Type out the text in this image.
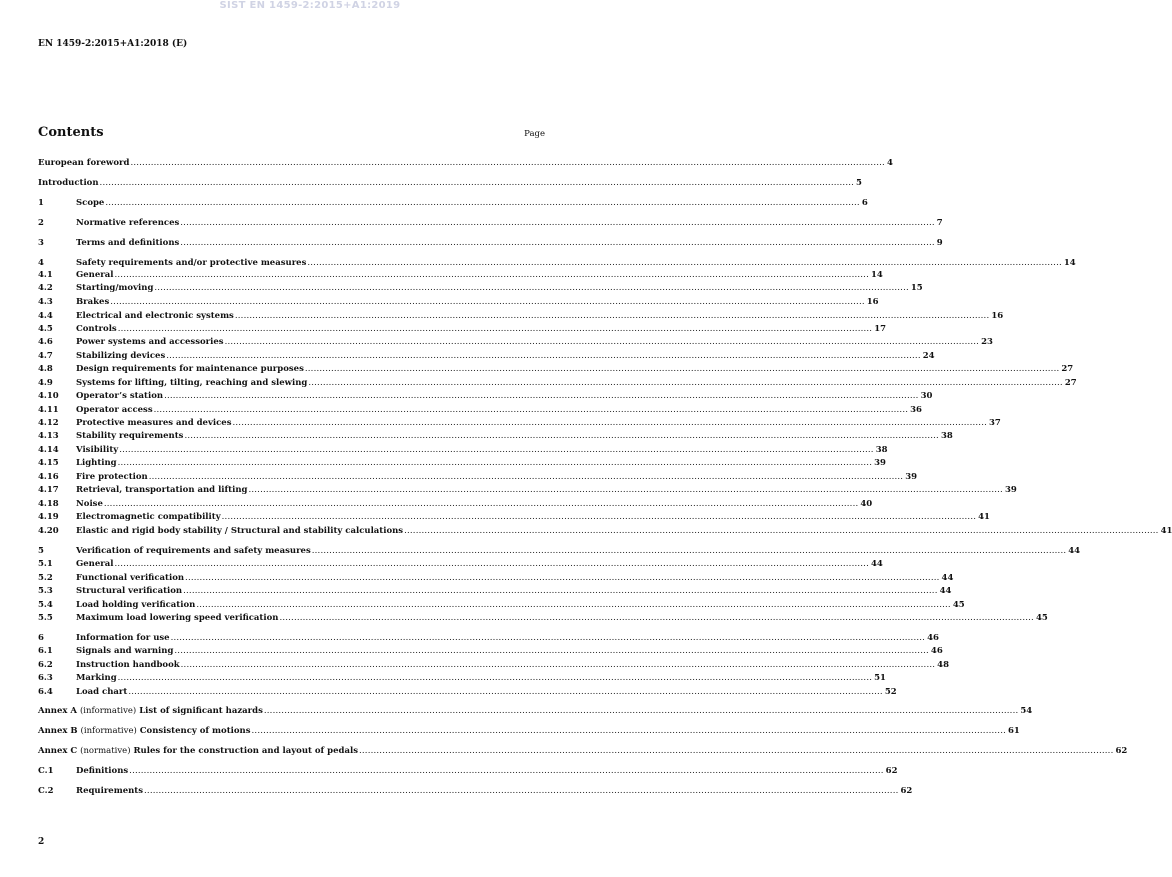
SIST EN 1459-2:2015+A1:2019
EN 1459-2:2015+A1:2018 (E)
Contents	Page
European foreword .................................................................................................................................................................................................................................................................... 4
Introduction .................................................................................................................................................................................................................................................................... 5
1	Scope .................................................................................................................................................................................................................................................................... 6
2	Normative references .................................................................................................................................................................................................................................................................... 7
3	Terms and definitions .................................................................................................................................................................................................................................................................... 9
4	Safety requirements and/or protective measures .................................................................................................................................................................................................................................................................... 14
4.1	General .................................................................................................................................................................................................................................................................... 14
4.2	Starting/moving .................................................................................................................................................................................................................................................................... 15
4.3	Brakes .................................................................................................................................................................................................................................................................... 16
4.4	Electrical and electronic systems .................................................................................................................................................................................................................................................................... 16
4.5	Controls .................................................................................................................................................................................................................................................................... 17
4.6	Power systems and accessories .................................................................................................................................................................................................................................................................... 23
4.7	Stabilizing devices .................................................................................................................................................................................................................................................................... 24
4.8	Design requirements for maintenance purposes .................................................................................................................................................................................................................................................................... 27
4.9	Systems for lifting, tilting, reaching and slewing .................................................................................................................................................................................................................................................................... 27
4.10	Operator’s station .................................................................................................................................................................................................................................................................... 30
4.11	Operator access .................................................................................................................................................................................................................................................................... 36
4.12	Protective measures and devices .................................................................................................................................................................................................................................................................... 37
4.13	Stability requirements .................................................................................................................................................................................................................................................................... 38
4.14	Visibility .................................................................................................................................................................................................................................................................... 38
4.15	Lighting .................................................................................................................................................................................................................................................................... 39
4.16	Fire protection .................................................................................................................................................................................................................................................................... 39
4.17	Retrieval, transportation and lifting .................................................................................................................................................................................................................................................................... 39
4.18	Noise .................................................................................................................................................................................................................................................................... 40
4.19	Electromagnetic compatibility .................................................................................................................................................................................................................................................................... 41
4.20	Elastic and rigid body stability / Structural and stability calculations .................................................................................................................................................................................................................................................................... 41
5	Verification of requirements and safety measures .................................................................................................................................................................................................................................................................... 44
5.1	General .................................................................................................................................................................................................................................................................... 44
5.2	Functional verification .................................................................................................................................................................................................................................................................... 44
5.3	Structural verification .................................................................................................................................................................................................................................................................... 44
5.4	Load holding verification .................................................................................................................................................................................................................................................................... 45
5.5	Maximum load lowering speed verification .................................................................................................................................................................................................................................................................... 45
6	Information for use .................................................................................................................................................................................................................................................................... 46
6.1	Signals and warning .................................................................................................................................................................................................................................................................... 46
6.2	Instruction handbook .................................................................................................................................................................................................................................................................... 48
6.3	Marking .................................................................................................................................................................................................................................................................... 51
6.4	Load chart .................................................................................................................................................................................................................................................................... 52
Annex A (informative) List of significant hazards .................................................................................................................................................................................................................................................................... 54
Annex B (informative) Consistency of motions .................................................................................................................................................................................................................................................................... 61
Annex C (normative) Rules for the construction and layout of pedals .................................................................................................................................................................................................................................................................... 62
C.1	Definitions .................................................................................................................................................................................................................................................................... 62
C.2	Requirements .................................................................................................................................................................................................................................................................... 62
2
